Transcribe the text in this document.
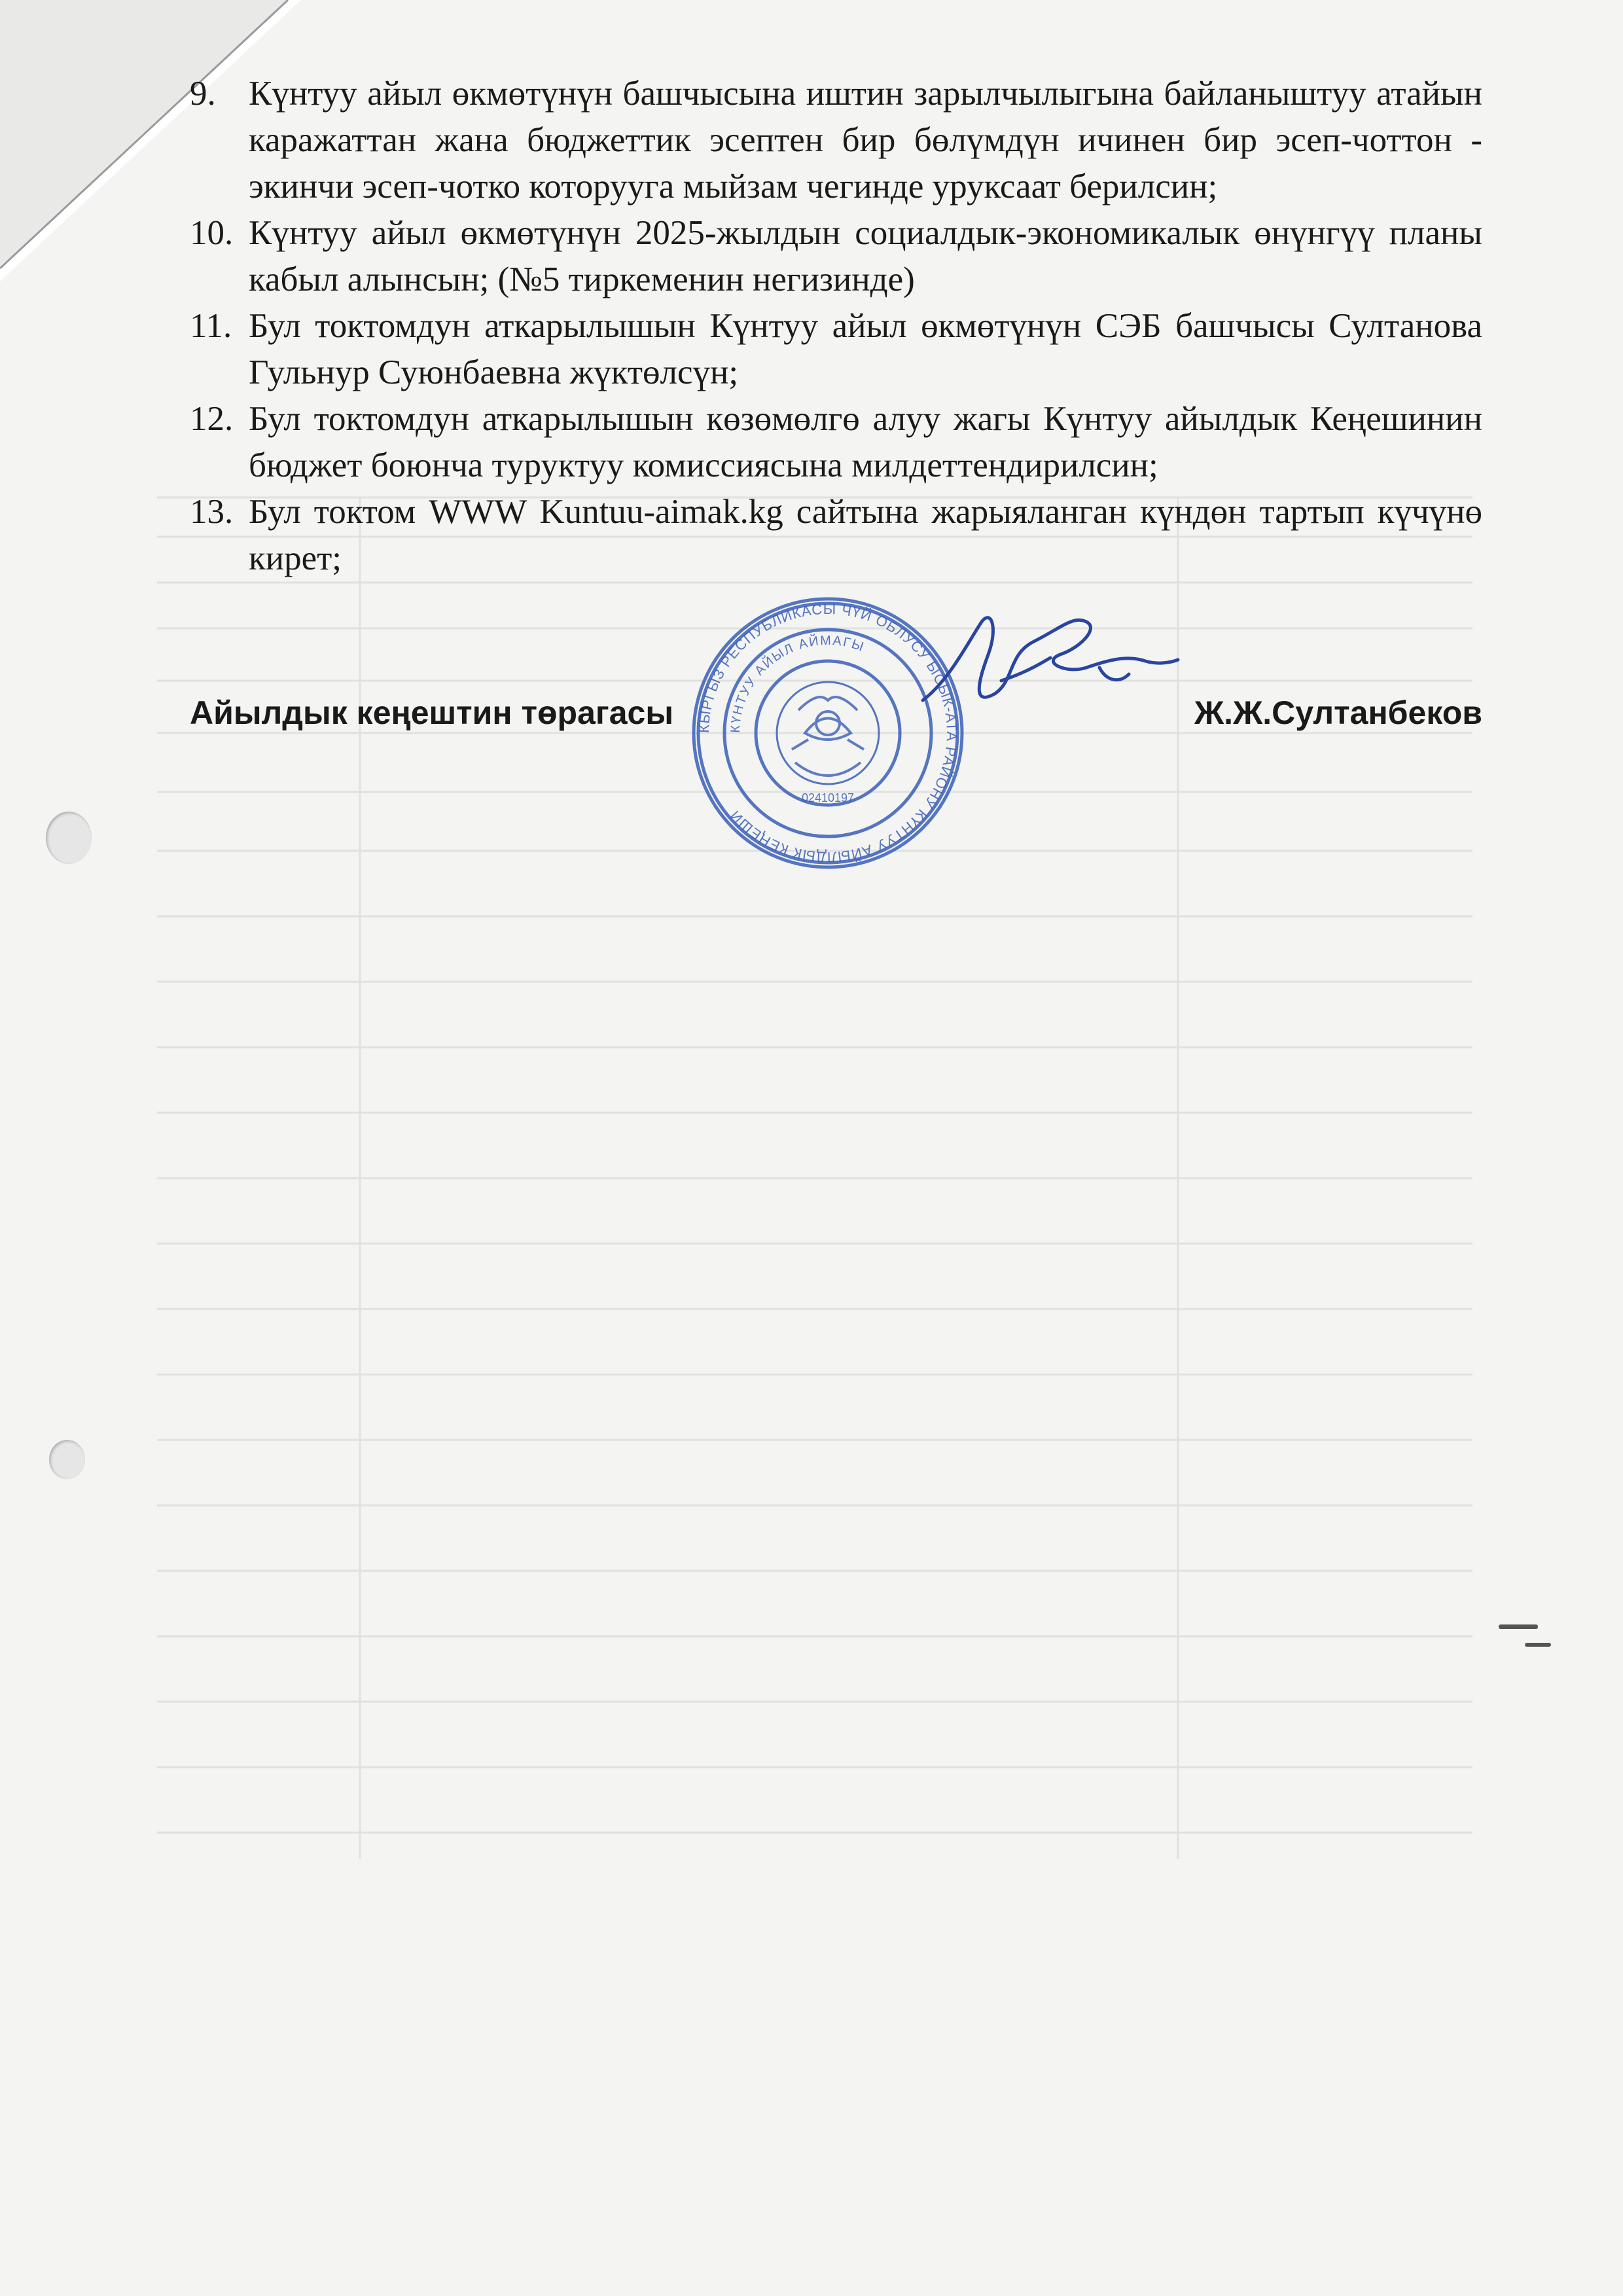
9. Күнтуу айыл өкмөтүнүн башчысына иштин зарылчылыгына байланыштуу атайын каражаттан жана бюджеттик эсептен бир бөлүмдүн ичинен бир эсеп-чоттон - экинчи эсеп-чотко которууга мыйзам чегинде уруксаат берилсин;
10. Күнтуу айыл өкмөтүнүн 2025-жылдын социалдык-экономикалык өнүнгүү планы кабыл алынсын; (№5 тиркеменин негизинде)
11. Бул токтомдун аткарылышын Күнтуу айыл өкмөтүнүн СЭБ башчысы Султанова Гульнур Суюнбаевна жүктөлсүн;
12. Бул токтомдун аткарылышын көзөмөлгө алуу жагы Күнтуу айылдык Кеңешинин бюджет боюнча туруктуу комиссиясына милдеттендирилсин;
13. Бул токтом WWW Kuntuu-aimak.kg сайтына жарыяланган күндөн тартып күчүнө кирет;
КЫРГЫЗ РЕСПУБЛИКАСЫ ЧҮЙ ОБЛУСУ ЫСЫК-АТА РАЙОНУ КҮНТУУ АЙЫЛДЫК КЕҢЕШИ
КҮНТУУ АЙЫЛ АЙМАГЫ
02410197
Айылдык кеңештин төрагасы	Ж.Ж.Султанбеков
